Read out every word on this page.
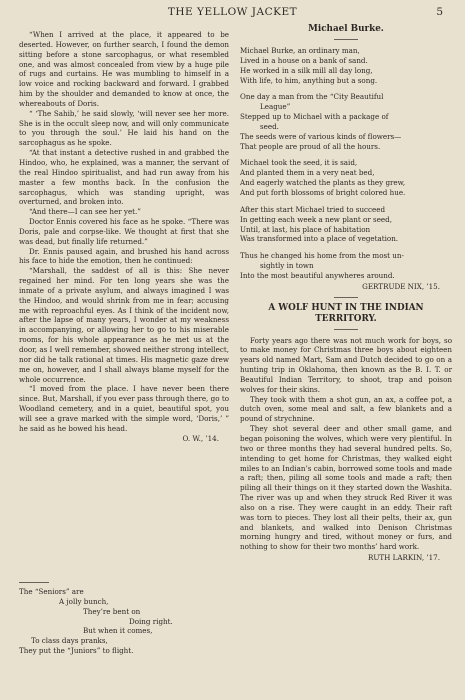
THE YELLOW JACKET	5

“When I arrived at the place, it appeared to be deserted. However, on further search, I found the demon sitting before a stone sarcophagus, or what resembled one, and was almost concealed from view by a huge pile of rugs and curtains. He was mumbling to himself in a low voice and rocking backward and forward. I grabbed him by the shoulder and demanded to know at once, the whereabouts of Doris.

“ ‘The Sahib,’ he said slowly, ‘will never see her more. She is in the occult sleep now, and will only communicate to you through the soul.’ He laid his hand on the sarcophagus as he spoke.

“At that instant a detective rushed in and grabbed the Hindoo, who, he explained, was a manner, the servant of the real Hindoo spiritualist, and had run away from his master a few months back. In the confusion the sarcophagus, which was standing upright, was overturned, and broken into.

“And there—I can see her yet.”

Doctor Ennis covered his face as he spoke. “There was Doris, pale and corpse-like. We thought at first that she was dead, but finally life returned.”

Dr. Ennis paused again, and brushed his hand across his face to hide the emotion, then he continued:

“Marshall, the saddest of all is this: She never regained her mind. For ten long years she was the inmate of a private asylum, and always imagined I was the Hindoo, and would shrink from me in fear; accusing me with reproachful eyes. As I think of the incident now, after the lapse of many years, I wonder at my weakness in accompanying, or allowing her to go to his miserable rooms, for his whole appearance as he met us at the door, as I well remember, showed neither strong intellect, nor did he talk rational at times. His magnetic gaze drew me on, however, and I shall always blame myself for the whole occurrence.

“I moved from the place. I have never been there since. But, Marshall, if you ever pass through there, go to Woodland cemetery, and in a quiet, beautiful spot, you will see a grave marked with the simple word, ‘Doris,’ ” he said as he bowed his head.

O. W., ’14.

The “Seniors” are

A jolly bunch,

They’re bent on

Doing right.

But when it comes,

To class days pranks,

They put the “Juniors” to flight.

Michael Burke.

Michael Burke, an ordinary man,

Lived in a house on a bank of sand.

He worked in a silk mill all day long,

With life, to him, anything but a song.

One day a man from the “City Beautiful

League”

Stepped up to Michael with a package of

seed.

The seeds were of various kinds of flowers—

That people are proud of all the hours.

Michael took the seed, it is said,

And planted them in a very neat bed,

And eagerly watched the plants as they grew,

And put forth blossoms of bright colored hue.

After this start Michael tried to succeed

In getting each week a new plant or seed,

Until, at last, his place of habitation

Was transformed into a place of vegetation.

Thus he changed his home from the most un-

sightly in town

Into the most beautiful anywheres around.

GERTRUDE NIX, ’15.

A WOLF HUNT IN THE INDIAN

TERRITORY.

Forty years ago there was not much work for boys, so to make money for Christmas three boys about eighteen years old named Mart, Sam and Dutch decided to go on a hunting trip in Oklahoma, then known as the B. I. T. or Beautiful Indian Territory, to shoot, trap and poison wolves for their skins.

They took with them a shot gun, an ax, a coffee pot, a dutch oven, some meal and salt, a few blankets and a pound of strychnine.

They shot several deer and other small game, and began poisoning the wolves, which were very plentiful. In two or three months they had several hundred pelts. So, intending to get home for Christmas, they walked eight miles to an Indian’s cabin, borrowed some tools and made a raft; then, piling all some tools and made a raft; then piling all their things on it they started down the Washita. The river was up and when they struck Red River it was also on a rise. They were caught in an eddy. Their raft was torn to pieces. They lost all their pelts, their ax, gun and blankets, and walked into Denison Christmas morning hungry and tired, without money or furs, and nothing to show for their two months’ hard work.

RUTH LARKIN, ’17.
